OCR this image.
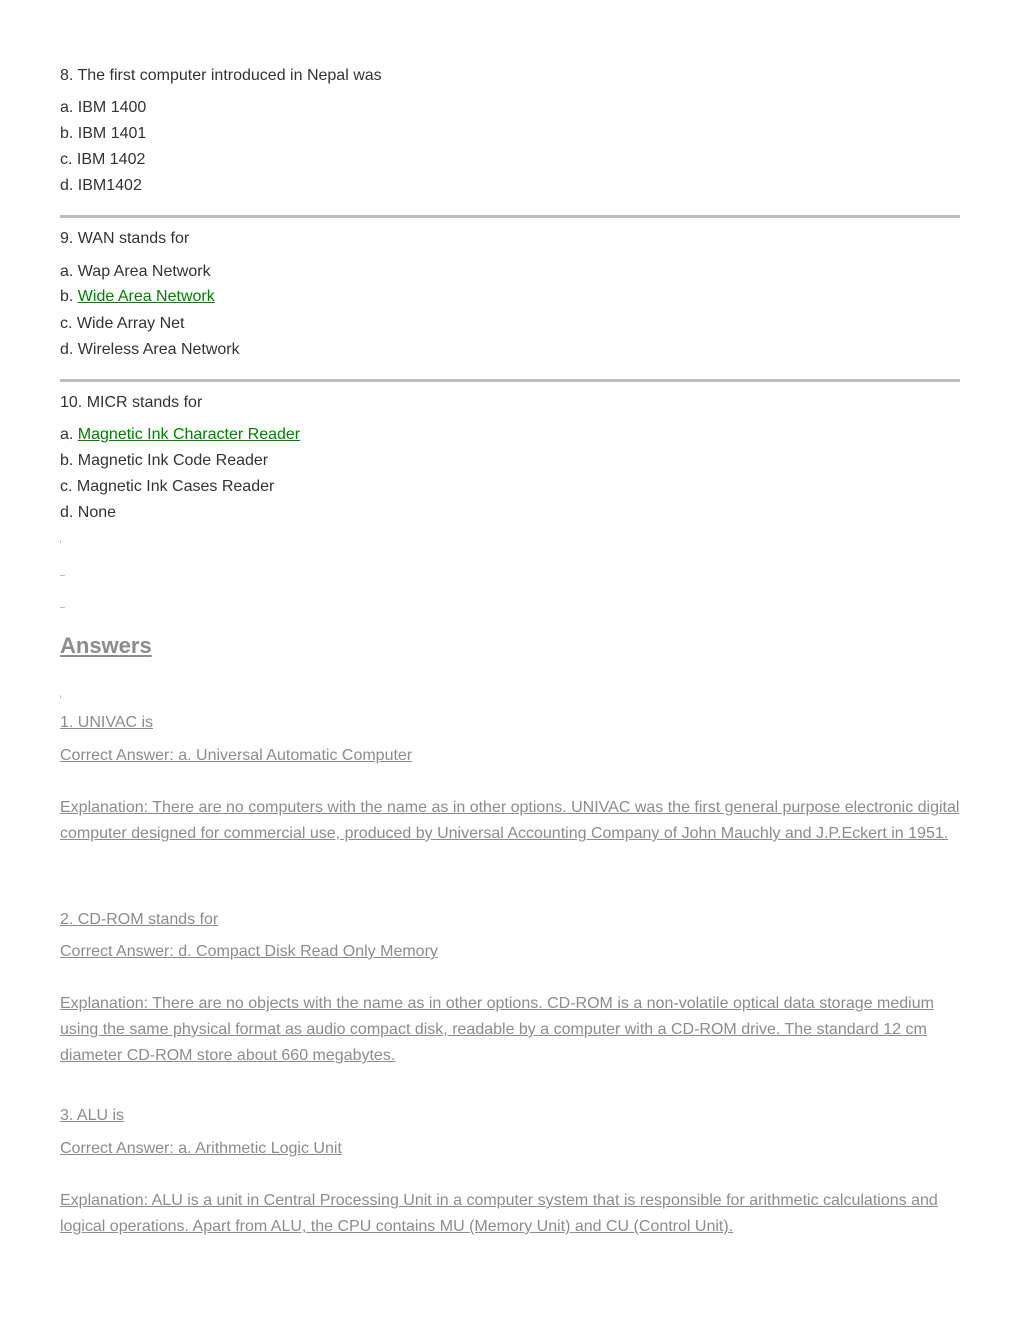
8. The first computer introduced in Nepal was
a. IBM 1400
b. IBM 1401
c. IBM 1402
d. IBM1402
9. WAN stands for
a. Wap Area Network
b. Wide Area Network
c. Wide Array Net
d. Wireless Area Network
10. MICR stands for
a. Magnetic Ink Character Reader
b. Magnetic Ink Code Reader
c. Magnetic Ink Cases Reader
d. None
Answers
1. UNIVAC is
Correct Answer: a. Universal Automatic Computer
Explanation: There are no computers with the name as in other options. UNIVAC was the first general purpose electronic digital computer designed for commercial use, produced by Universal Accounting Company of John Mauchly and J.P.Eckert in 1951.
2. CD-ROM stands for
Correct Answer: d. Compact Disk Read Only Memory
Explanation: There are no objects with the name as in other options. CD-ROM is a non-volatile optical data storage medium using the same physical format as audio compact disk, readable by a computer with a CD-ROM drive. The standard 12 cm diameter CD-ROM store about 660 megabytes.
3. ALU is
Correct Answer: a. Arithmetic Logic Unit
Explanation: ALU is a unit in Central Processing Unit in a computer system that is responsible for arithmetic calculations and logical operations. Apart from ALU, the CPU contains MU (Memory Unit) and CU (Control Unit).
